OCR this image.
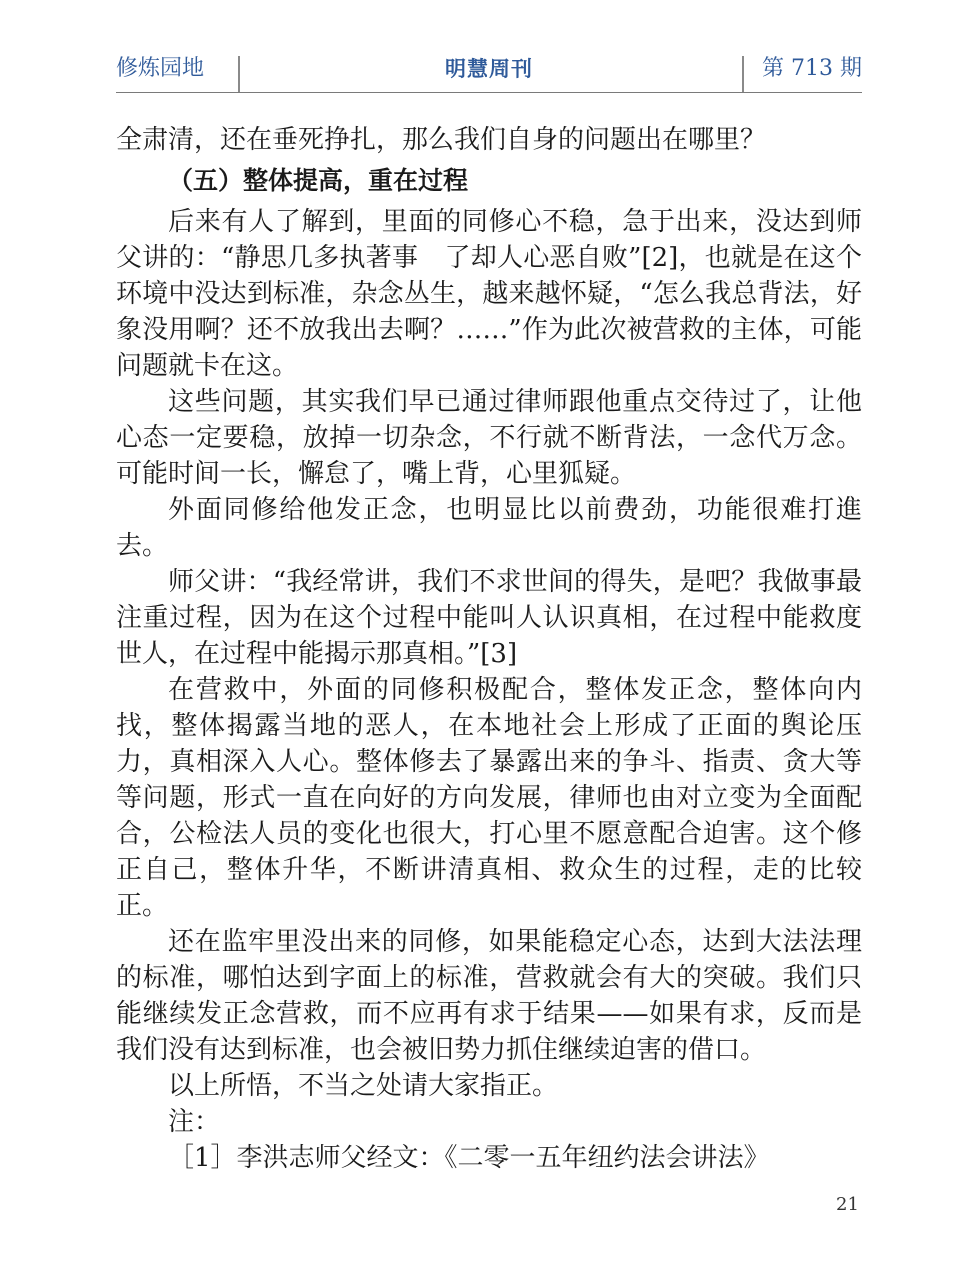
修炼园地	明慧周刊	第 713 期

全肃清，还在垂死挣扎，那么我们自身的问题出在哪里？

（五）整体提高，重在过程

后来有人了解到，里面的同修心不稳，急于出来，没达到师父讲的：“静思几多执著事　了却人心恶自败”[2]，也就是在这个环境中没达到标准，杂念丛生，越来越怀疑，“怎么我总背法，好象没用啊？还不放我出去啊？……”作为此次被营救的主体，可能问题就卡在这。

这些问题，其实我们早已通过律师跟他重点交待过了，让他心态一定要稳，放掉一切杂念，不行就不断背法，一念代万念。可能时间一长，懈怠了，嘴上背，心里狐疑。

外面同修给他发正念，也明显比以前费劲，功能很难打進去。

师父讲：“我经常讲，我们不求世间的得失，是吧？我做事最注重过程，因为在这个过程中能叫人认识真相，在过程中能救度世人，在过程中能揭示那真相。”[3]

在营救中，外面的同修积极配合，整体发正念，整体向内找，整体揭露当地的恶人，在本地社会上形成了正面的舆论压力，真相深入人心。整体修去了暴露出来的争斗、指责、贪大等等问题，形式一直在向好的方向发展，律师也由对立变为全面配合，公检法人员的变化也很大，打心里不愿意配合迫害。这个修正自己，整体升华，不断讲清真相、救众生的过程，走的比较正。

还在监牢里没出来的同修，如果能稳定心态，达到大法法理的标准，哪怕达到字面上的标准，营救就会有大的突破。我们只能继续发正念营救，而不应再有求于结果——如果有求，反而是我们没有达到标准，也会被旧势力抓住继续迫害的借口。

以上所悟，不当之处请大家指正。

注：

［1］李洪志师父经文：《二零一五年纽约法会讲法》

21
